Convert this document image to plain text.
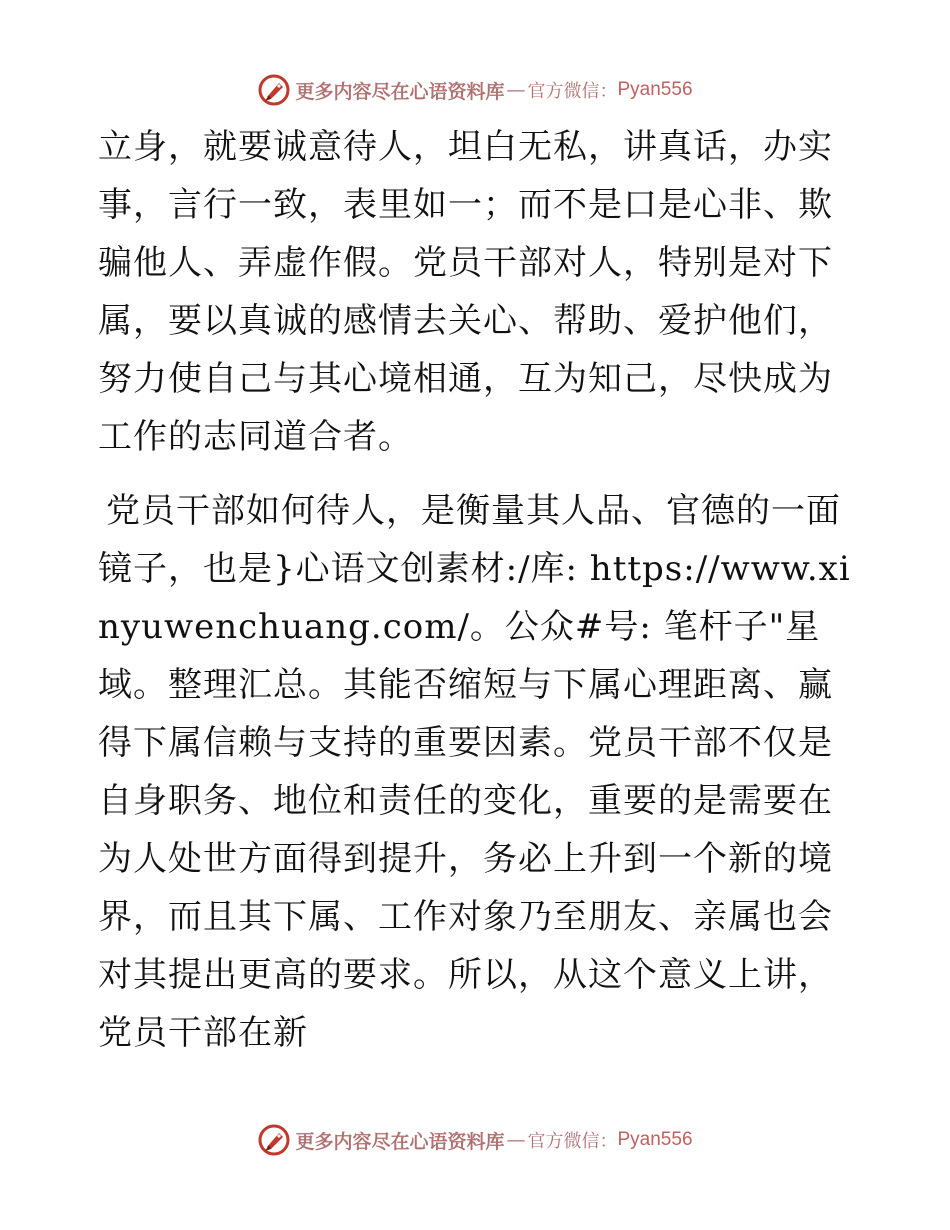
更多内容尽在心语资料库 — 官方微信： Pyan556

立身，就要诚意待人，坦白无私，讲真话，办实事，言行一致，表里如一；而不是口是心非、欺骗他人、弄虚作假。党员干部对人，特别是对下属，要以真诚的感情去关心、帮助、爱护他们，努力使自己与其心境相通，互为知己，尽快成为工作的志同道合者。

党员干部如何待人，是衡量其人品、官德的一面镜子，也是}心语文创素材:/库: https://www.xinyuwenchuang.com/。公众#号: 笔杆子"星域。整理汇总。其能否缩短与下属心理距离、赢得下属信赖与支持的重要因素。党员干部不仅是自身职务、地位和责任的变化，重要的是需要在为人处世方面得到提升，务必上升到一个新的境界，而且其下属、工作对象乃至朋友、亲属也会对其提出更高的要求。所以，从这个意义上讲，党员干部在新

更多内容尽在心语资料库 — 官方微信： Pyan556
